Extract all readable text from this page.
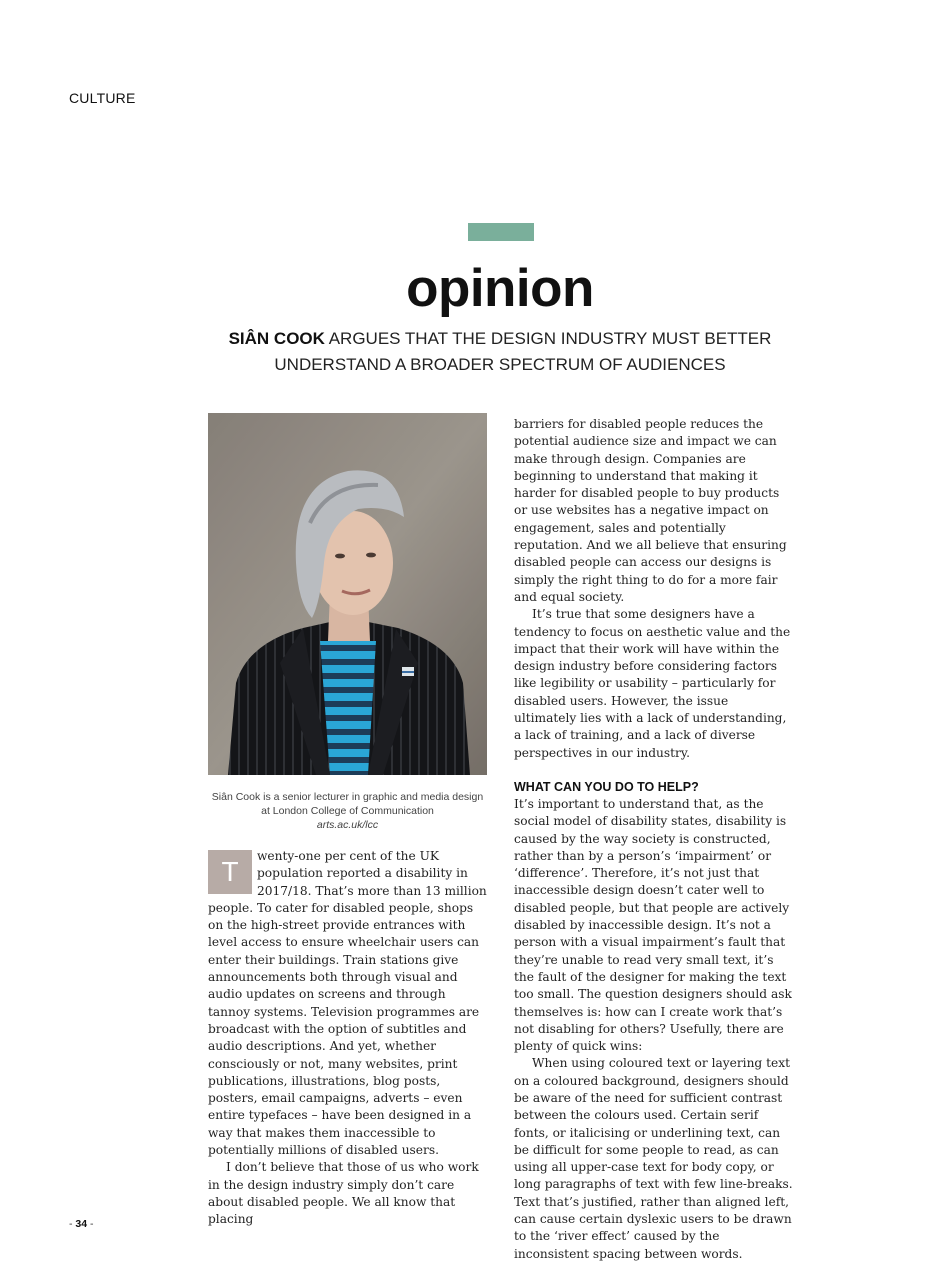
CULTURE
opinion
SIÂN COOK ARGUES THAT THE DESIGN INDUSTRY MUST BETTER UNDERSTAND A BROADER SPECTRUM OF AUDIENCES
Siân Cook is a senior lecturer in graphic and media design at London College of Communication
arts.ac.uk/lcc

T	wenty-one per cent of the UK population reported a disability in 2017/18. That’s more than 13 million people. To cater for disabled people, shops on the high-street provide entrances with level access to ensure wheelchair users can enter their buildings. Train stations give announcements both through visual and audio updates on screens and through tannoy systems. Television programmes are broadcast with the option of subtitles and audio descriptions. And yet, whether consciously or not, many websites, print publications, illustrations, blog posts, posters, email campaigns, adverts – even entire typefaces – have been designed in a way that makes them inaccessible to potentially millions of disabled users.

I don’t believe that those of us who work in the design industry simply don’t care about disabled people. We all know that placing

barriers for disabled people reduces the potential audience size and impact we can make through design. Companies are beginning to understand that making it harder for disabled people to buy products or use websites has a negative impact on engagement, sales and potentially reputation. And we all believe that ensuring disabled people can access our designs is simply the right thing to do for a more fair and equal society.

It’s true that some designers have a tendency to focus on aesthetic value and the impact that their work will have within the design industry before considering factors like legibility or usability – particularly for disabled users. However, the issue ultimately lies with a lack of understanding, a lack of training, and a lack of diverse perspectives in our industry.

WHAT CAN YOU DO TO HELP?

It’s important to understand that, as the social model of disability states, disability is caused by the way society is constructed, rather than by a person’s ‘impairment’ or ‘difference’. Therefore, it’s not just that inaccessible design doesn’t cater well to disabled people, but that people are actively disabled by inaccessible design. It’s not a person with a visual impairment’s fault that they’re unable to read very small text, it’s the fault of the designer for making the text too small. The question designers should ask themselves is: how can I create work that’s not disabling for others? Usefully, there are plenty of quick wins:

When using coloured text or layering text on a coloured background, designers should be aware of the need for sufficient contrast between the colours used. Certain serif fonts, or italicising or underlining text, can be difficult for some people to read, as can using all upper-case text for body copy, or long paragraphs of text with few line-breaks. Text that’s justified, rather than aligned left, can cause certain dyslexic users to be drawn to the ‘river effect’ caused by the inconsistent spacing between words.

- 34 -
